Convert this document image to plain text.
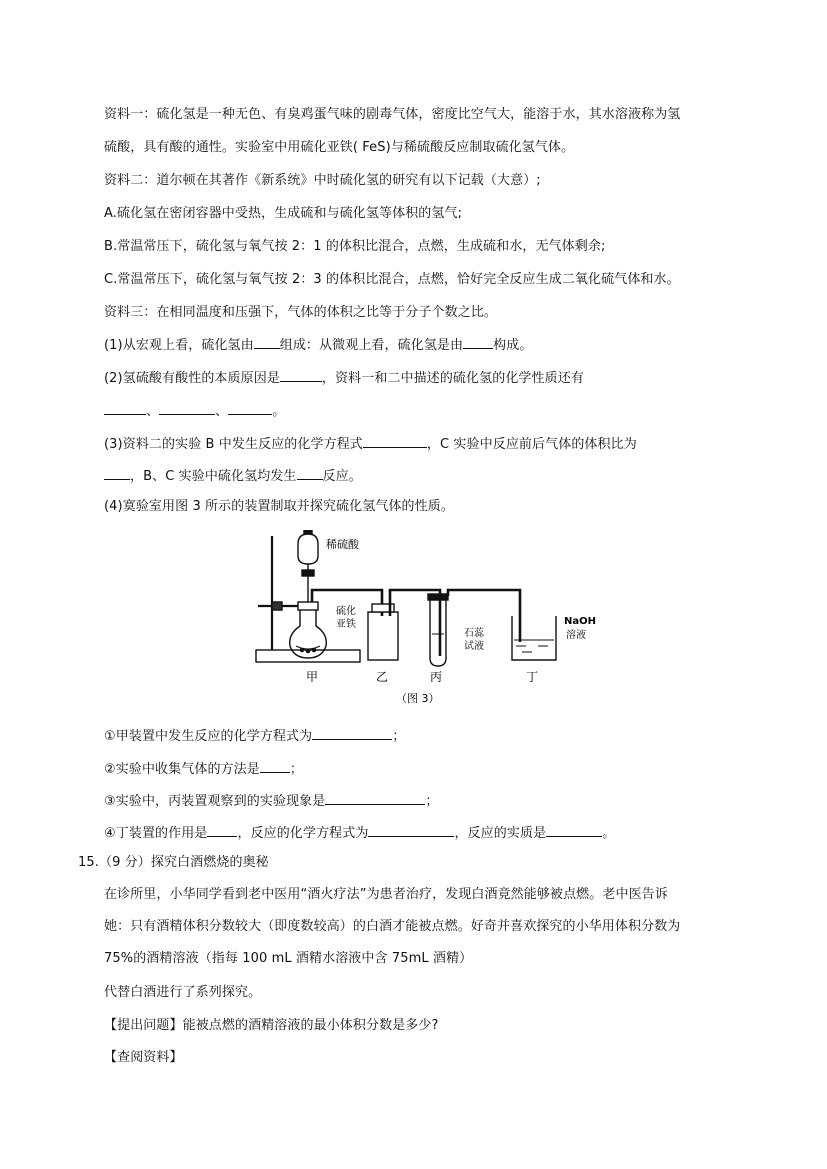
资料一：硫化氢是一种无色、有臭鸡蛋气味的剧毒气体，密度比空气大，能溶于水，其水溶液称为氢
硫酸，具有酸的通性。实验室中用硫化亚铁( FeS)与稀硫酸反应制取硫化氢气体。
资料二：道尔顿在其著作《新系统》中时硫化氢的研究有以下记载（大意）;
A.硫化氢在密闭容器中受热，生成硫和与硫化氢等体积的氢气;
B.常温常压下，硫化氢与氧气按 2：1 的体积比混合，点燃，生成硫和水，无气体剩余;
C.常温常压下，硫化氢与氧气按 2：3 的体积比混合，点燃，恰好完全反应生成二氧化硫气体和水。
资料三：在相同温度和压强下，气体的体积之比等于分子个数之比。
(1)从宏观上看，硫化氢由 组成：从微观上看，硫化氢是由 构成。
(2)氢硫酸有酸性的本质原因是	，资料一和二中描述的硫化氢的化学性质还有
、	、	。
(3)资料二的实验 B 中发生反应的化学方程式	，C 实验中反应前后气体的体积比为
，B、C 实验中硫化氢均发生 反应。
(4)寞验室用图 3 所示的装置制取并探究硫化氢气体的性质。
稀硫酸
硫化
亚铁
石蕊
试液
NaOH
溶液
甲	乙	丙	丁
（图 3）
①甲装置中发生反应的化学方程式为	；
②实验中收集气体的方法是 ；
③实验中，丙装置观察到的实验现象是	；
④丁装置的作用是 ，反应的化学方程式为	，反应的实质是	。
15.（9 分）探究白酒燃烧的奥秘
在诊所里，小华同学看到老中医用“酒火疗法”为患者治疗，发现白酒竟然能够被点燃。老中医告诉
她：只有酒精体积分数较大（即度数较高）的白酒才能被点燃。好奇并喜欢探究的小华用体积分数为
75%的酒精溶液（指每 100 mL 酒精水溶液中含 75mL 酒精）
代替白酒进行了系列探究。
【提出问题】能被点燃的酒精溶液的最小体积分数是多少?
【查阅资料】
